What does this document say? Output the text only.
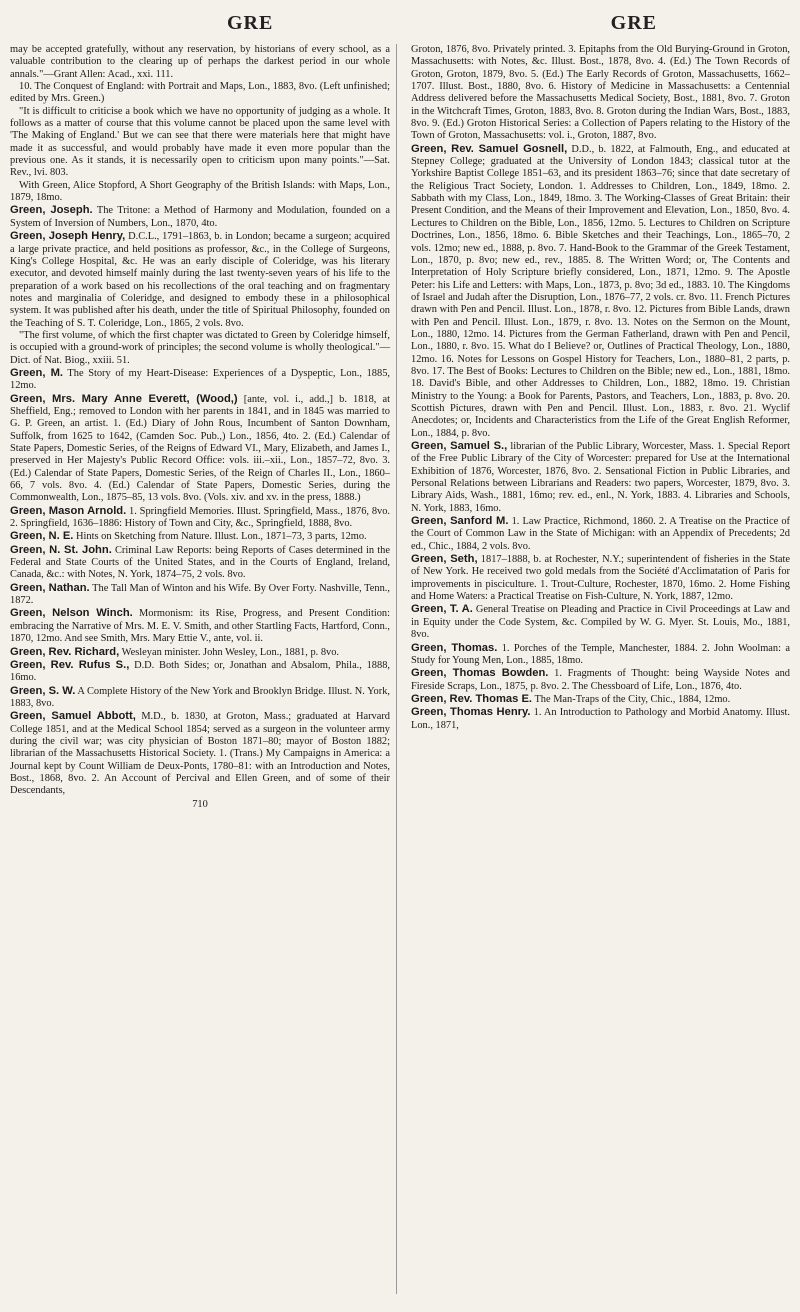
GRE	GRE
may be accepted gratefully, without any reservation, by historians of every school, as a valuable contribution to the clearing up of perhaps the darkest period in our whole annals."—Grant Allen: Acad., xxi. 111.
10. The Conquest of England: with Portrait and Maps, Lon., 1883, 8vo. (Left unfinished; edited by Mrs. Green.)
"It is difficult to criticise a book which we have no opportunity of judging as a whole. It follows as a matter of course that this volume cannot be placed upon the same level with 'The Making of England.' But we can see that there were materials here that might have made it as successful, and would probably have made it even more popular than the previous one. As it stands, it is necessarily open to criticism upon many points."—Sat. Rev., lvi. 803.
With Green, Alice Stopford, A Short Geography of the British Islands: with Maps, Lon., 1879, 18mo.
Green, Joseph. The Tritone: a Method of Harmony and Modulation, founded on a System of Inversion of Numbers, Lon., 1870, 4to.
Green, Joseph Henry, D.C.L., 1791–1863, b. in London; became a surgeon; acquired a large private practice, and held positions as professor, &c., in the College of Surgeons, King's College Hospital, &c. He was an early disciple of Coleridge, was his literary executor, and devoted himself mainly during the last twenty-seven years of his life to the preparation of a work based on his recollections of the oral teaching and on fragmentary notes and marginalia of Coleridge, and designed to embody these in a philosophical system. It was published after his death, under the title of Spiritual Philosophy, founded on the Teaching of S. T. Coleridge, Lon., 1865, 2 vols. 8vo.
"The first volume, of which the first chapter was dictated to Green by Coleridge himself, is occupied with a ground-work of principles; the second volume is wholly theological."—Dict. of Nat. Biog., xxiii. 51.
Green, M. The Story of my Heart-Disease: Experiences of a Dyspeptic, Lon., 1885, 12mo.
Green, Mrs. Mary Anne Everett, (Wood,) [ante, vol. i., add.,] b. 1818, at Sheffield, Eng.; removed to London with her parents in 1841, and in 1845 was married to G. P. Green, an artist. 1. (Ed.) Diary of John Rous, Incumbent of Santon Downham, Suffolk, from 1625 to 1642, (Camden Soc. Pub.,) Lon., 1856, 4to. 2. (Ed.) Calendar of State Papers, Domestic Series, of the Reigns of Edward VI., Mary, Elizabeth, and James I., preserved in Her Majesty's Public Record Office: vols. iii.–xii., Lon., 1857–72, 8vo. 3. (Ed.) Calendar of State Papers, Domestic Series, of the Reign of Charles II., Lon., 1860–66, 7 vols. 8vo. 4. (Ed.) Calendar of State Papers, Domestic Series, during the Commonwealth, Lon., 1875–85, 13 vols. 8vo. (Vols. xiv. and xv. in the press, 1888.)
Green, Mason Arnold. 1. Springfield Memories. Illust. Springfield, Mass., 1876, 8vo. 2. Springfield, 1636–1886: History of Town and City, &c., Springfield, 1888, 8vo.
Green, N. E. Hints on Sketching from Nature. Illust. Lon., 1871–73, 3 parts, 12mo.
Green, N. St. John. Criminal Law Reports: being Reports of Cases determined in the Federal and State Courts of the United States, and in the Courts of England, Ireland, Canada, &c.: with Notes, N. York, 1874–75, 2 vols. 8vo.
Green, Nathan. The Tall Man of Winton and his Wife. By Over Forty. Nashville, Tenn., 1872.
Green, Nelson Winch. Mormonism: its Rise, Progress, and Present Condition: embracing the Narrative of Mrs. M. E. V. Smith, and other Startling Facts, Hartford, Conn., 1870, 12mo. And see Smith, Mrs. Mary Ettie V., ante, vol. ii.
Green, Rev. Richard, Wesleyan minister. John Wesley, Lon., 1881, p. 8vo.
Green, Rev. Rufus S., D.D. Both Sides; or, Jonathan and Absalom, Phila., 1888, 16mo.
Green, S. W. A Complete History of the New York and Brooklyn Bridge. Illust. N. York, 1883, 8vo.
Green, Samuel Abbott, M.D., b. 1830, at Groton, Mass.; graduated at Harvard College 1851, and at the Medical School 1854; served as a surgeon in the volunteer army during the civil war; was city physician of Boston 1871–80; mayor of Boston 1882; librarian of the Massachusetts Historical Society. 1. (Trans.) My Campaigns in America: a Journal kept by Count William de Deux-Ponts, 1780–81: with an Introduction and Notes, Bost., 1868, 8vo. 2. An Account of Percival and Ellen Green, and of some of their Descendants,
710
Groton, 1876, 8vo. Privately printed. 3. Epitaphs from the Old Burying-Ground in Groton, Massachusetts: with Notes, &c. Illust. Bost., 1878, 8vo. 4. (Ed.) The Town Records of Groton, Groton, 1879, 8vo. 5. (Ed.) The Early Records of Groton, Massachusetts, 1662–1707. Illust. Bost., 1880, 8vo. 6. History of Medicine in Massachusetts: a Centennial Address delivered before the Massachusetts Medical Society, Bost., 1881, 8vo. 7. Groton in the Witchcraft Times, Groton, 1883, 8vo. 8. Groton during the Indian Wars, Bost., 1883, 8vo. 9. (Ed.) Groton Historical Series: a Collection of Papers relating to the History of the Town of Groton, Massachusetts: vol. i., Groton, 1887, 8vo.
Green, Rev. Samuel Gosnell, D.D., b. 1822, at Falmouth, Eng., and educated at Stepney College; graduated at the University of London 1843; classical tutor at the Yorkshire Baptist College 1851–63, and its president 1863–76; since that date secretary of the Religious Tract Society, London. 1. Addresses to Children, Lon., 1849, 18mo. 2. Sabbath with my Class, Lon., 1849, 18mo. 3. The Working-Classes of Great Britain: their Present Condition, and the Means of their Improvement and Elevation, Lon., 1850, 8vo. 4. Lectures to Children on the Bible, Lon., 1856, 12mo. 5. Lectures to Children on Scripture Doctrines, Lon., 1856, 18mo. 6. Bible Sketches and their Teachings, Lon., 1865–70, 2 vols. 12mo; new ed., 1888, p. 8vo. 7. Hand-Book to the Grammar of the Greek Testament, Lon., 1870, p. 8vo; new ed., rev., 1885. 8. The Written Word; or, The Contents and Interpretation of Holy Scripture briefly considered, Lon., 1871, 12mo. 9. The Apostle Peter: his Life and Letters: with Maps, Lon., 1873, p. 8vo; 3d ed., 1883. 10. The Kingdoms of Israel and Judah after the Disruption, Lon., 1876–77, 2 vols. cr. 8vo. 11. French Pictures drawn with Pen and Pencil. Illust. Lon., 1878, r. 8vo. 12. Pictures from Bible Lands, drawn with Pen and Pencil. Illust. Lon., 1879, r. 8vo. 13. Notes on the Sermon on the Mount, Lon., 1880, 12mo. 14. Pictures from the German Fatherland, drawn with Pen and Pencil, Lon., 1880, r. 8vo. 15. What do I Believe? or, Outlines of Practical Theology, Lon., 1880, 12mo. 16. Notes for Lessons on Gospel History for Teachers, Lon., 1880–81, 2 parts, p. 8vo. 17. The Best of Books: Lectures to Children on the Bible; new ed., Lon., 1881, 18mo. 18. David's Bible, and other Addresses to Children, Lon., 1882, 18mo. 19. Christian Ministry to the Young: a Book for Parents, Pastors, and Teachers, Lon., 1883, p. 8vo. 20. Scottish Pictures, drawn with Pen and Pencil. Illust. Lon., 1883, r. 8vo. 21. Wyclif Anecdotes; or, Incidents and Characteristics from the Life of the Great English Reformer, Lon., 1884, p. 8vo.
Green, Samuel S., librarian of the Public Library, Worcester, Mass. 1. Special Report of the Free Public Library of the City of Worcester: prepared for Use at the International Exhibition of 1876, Worcester, 1876, 8vo. 2. Sensational Fiction in Public Libraries, and Personal Relations between Librarians and Readers: two papers, Worcester, 1879, 8vo. 3. Library Aids, Wash., 1881, 16mo; rev. ed., enl., N. York, 1883. 4. Libraries and Schools, N. York, 1883, 16mo.
Green, Sanford M. 1. Law Practice, Richmond, 1860. 2. A Treatise on the Practice of the Court of Common Law in the State of Michigan: with an Appendix of Precedents; 2d ed., Chic., 1884, 2 vols. 8vo.
Green, Seth, 1817–1888, b. at Rochester, N.Y.; superintendent of fisheries in the State of New York. He received two gold medals from the Société d'Acclimatation of Paris for improvements in pisciculture. 1. Trout-Culture, Rochester, 1870, 16mo. 2. Home Fishing and Home Waters: a Practical Treatise on Fish-Culture, N. York, 1887, 12mo.
Green, T. A. General Treatise on Pleading and Practice in Civil Proceedings at Law and in Equity under the Code System, &c. Compiled by W. G. Myer. St. Louis, Mo., 1881, 8vo.
Green, Thomas. 1. Porches of the Temple, Manchester, 1884. 2. John Woolman: a Study for Young Men, Lon., 1885, 18mo.
Green, Thomas Bowden. 1. Fragments of Thought: being Wayside Notes and Fireside Scraps, Lon., 1875, p. 8vo. 2. The Chessboard of Life, Lon., 1876, 4to.
Green, Rev. Thomas E. The Man-Traps of the City, Chic., 1884, 12mo.
Green, Thomas Henry. 1. An Introduction to Pathology and Morbid Anatomy. Illust. Lon., 1871,
